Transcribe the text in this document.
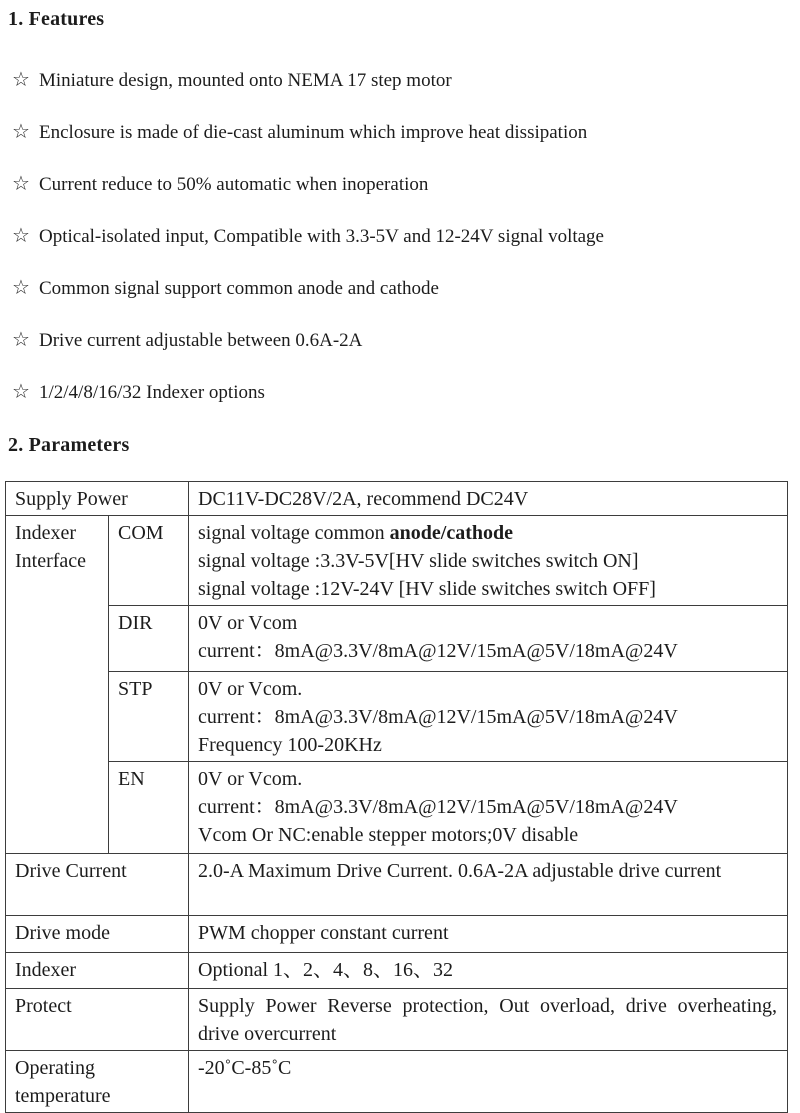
1. Features
☆ Miniature design, mounted onto NEMA 17 step motor
☆ Enclosure is made of die-cast aluminum which improve heat dissipation
☆ Current reduce to 50% automatic when inoperation
☆ Optical-isolated input, Compatible with 3.3-5V and 12-24V signal voltage
☆ Common signal support common anode and cathode
☆ Drive current adjustable between 0.6A-2A
☆ 1/2/4/8/16/32 Indexer options
2. Parameters
Supply Power		DC11V-DC28V/2A, recommend DC24V
Indexer Interface	COM	signal voltage common anode/cathode
signal voltage :3.3V-5V[HV slide switches switch ON]
signal voltage :12V-24V [HV slide switches switch OFF]

	DIR	0V or Vcom
current：8mA@3.3V/8mA@12V/15mA@5V/18mA@24V

	STP	0V or Vcom.
current：8mA@3.3V/8mA@12V/15mA@5V/18mA@24V
Frequency 100-20KHz

	EN	0V or Vcom.
current：8mA@3.3V/8mA@12V/15mA@5V/18mA@24V
Vcom Or NC:enable stepper motors;0V disable

Drive Current		2.0-A Maximum Drive Current. 0.6A-2A adjustable drive current
Drive mode		PWM chopper constant current
Indexer		Optional 1、2、4、8、16、32
Protect		Supply Power Reverse protection, Out overload, drive overheating, drive overcurrent
Operating temperature		-20˚C-85˚C
